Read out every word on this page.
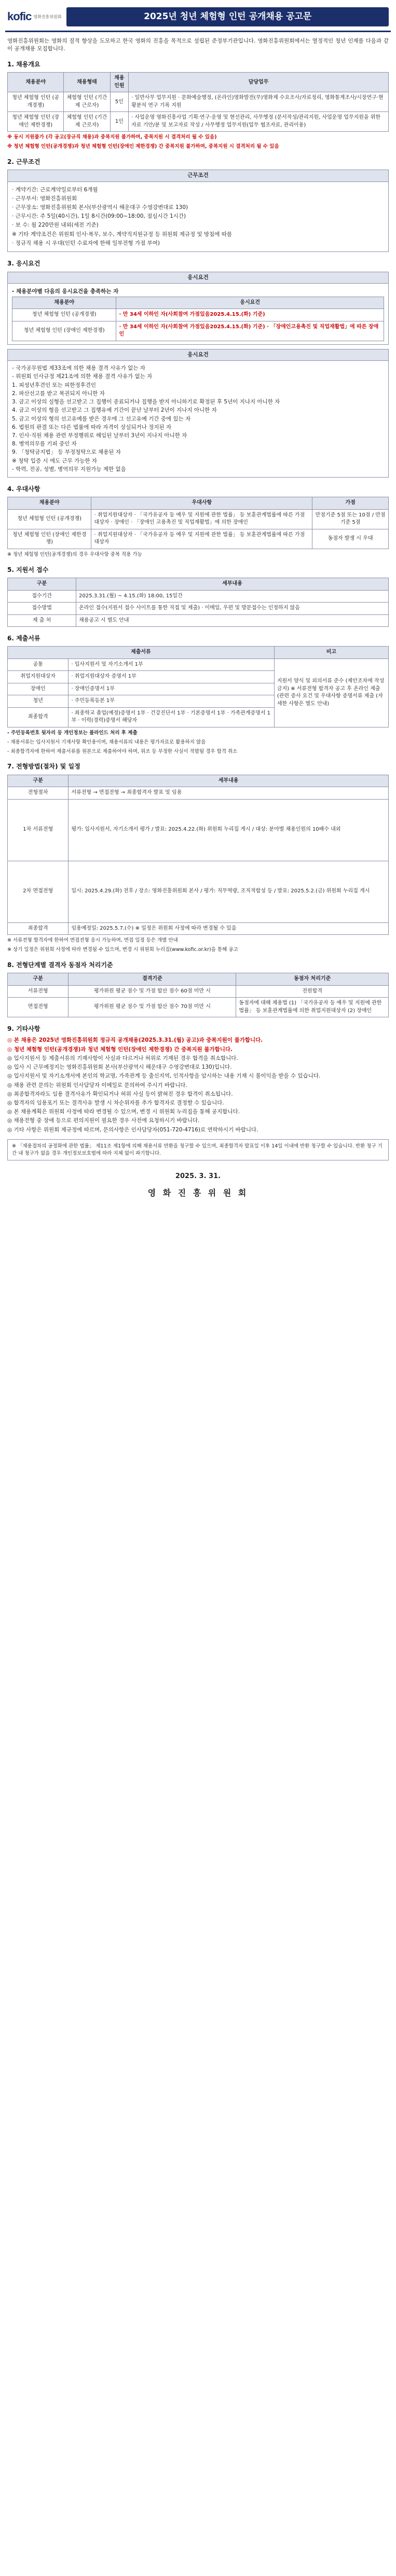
kofic 영화진흥위원회	2025년 청년 체험형 인턴 공개채용 공고문

영화진흥위원회는 영화의 질적 향상을 도모하고 한국 영화의 진흥을 목적으로 설립된 준정부기관입니다. 영화진흥위원회에서는 열정적인 청년 인재를 다음과 같이 공개채용 모집합니다.

1. 채용개요
채용분야	채용형태	채용인원	담당업무
청년 체험형 인턴 (공개경쟁)	체험형 인턴 (기간제 근로자)	5인	· 일반사무 업무지원 · 문화예술행정, (온라인)영화발전(무)영화제 수요조사/자료정리, 영화통계조사/시장연구·현황분석 연구 기록 지원
청년 체험형 인턴 (장애인 제한경쟁)	체험형 인턴 (기간제 근로자)	1인	· 사업운영 영화진흥사업 기획·연구·운영 및 현선관리, 사무행정 (문서작성/관리지원, 사업운영 업무지원을 위한 자료 기안/분 및 보고자료 작성 / 사무행정 업무지원(업무 협조자료, 관리이용)

※ 동시 지원불가 (각 공고(장규직 채용)과 중복지원 불가하며, 중복지원 시 결격처리 될 수 있음)

※ 청년 체험형 인턴(공개경쟁)과 청년 체험형 인턴(장애인 제한경쟁) 간 중복지원 불가하며, 중복지원 시 결격처리 될 수 있음

2. 근무조건
근무조건

· 계약기간: 근로계약일로부터 6개월

· 근무부서: 영화진흥위원회

· 근무장소: 영화진흥위원회 본사(부산광역시 해운대구 수영강변대로 130)

· 근무시간: 주 5일(40시간), 1일 8시간(09:00~18:00, 점심시간 1시간)

· 보 수: 월 220만원 내외(세전 기준)

※ 기타 계약조건은 위원회 인사·복무, 보수, 계약직지원규정 등 위원회 제규정 및 방침에 따름

· 정규직 채용 시 우대(인턴 수료자에 한해 일부전형 가점 부여)

3. 응시요건
응시요건

- 채용분야별 다음의 응시요건을 충족하는 자

채용분야	응시요건
청년 체험형 인턴 (공개경쟁)	· 만 34세 이하인 자(사회참여 가점있음2025.4.15.(화) 기준)
청년 체험형 인턴 (장애인 제한경쟁)	· 만 34세 이하인 자(사회참여 가점있음2025.4.15.(화) 기준) · 「장애인고용촉진 및 직업재활법」에 따른 장애인
응시요건

- 국가공무원법 제33조에 의한 채용 결격 사유가 없는 자

- 위원회 인사규정 제21조에 의한 채용 결격 사유가 없는 자

1. 피성년후견인 또는 피한정후견인

2. 파산선고를 받고 복권되지 아니한 자

3. 금고 이상의 실형을 선고받고 그 집행이 종료되거나 집행을 받지 아니하기로 확정된 후 5년이 지나지 아니한 자

4. 금고 이상의 형을 선고받고 그 집행유예 기간이 끝난 날부터 2년이 지나지 아니한 자

5. 금고 이상의 형의 선고유예를 받은 경우에 그 선고유예 기간 중에 있는 자

6. 법원의 판결 또는 다른 법률에 따라 자격이 상실되거나 정지된 자

7. 인사·직원 채용 관련 부정행위로 해임된 날부터 3년이 지나지 아니한 자

8. 병역의무를 기피 중인 자

9. 「청탁금지법」 등 부정청탁으로 채용된 자

※ 청탁 입증 시 에도 근무 가능한 자

- 학력, 전공, 성별, 병역의무 지원가능 제한 없음

4. 우대사항
채용분야	우대사항	가점
청년 체험형 인턴 (공개경쟁)	· 취업지원대상자 · 「국가유공자 등 예우 및 지원에 관한 법률」 등 보훈관계법률에 따른 가점 대상자 · 장애인 · 「장애인 고용촉진 및 직업재활법」에 의한 장애인	만점기준 5점 또는 10점 / 만점기준 5점
청년 체험형 인턴 (장애인 제한경쟁)	· 취업지원대상자 · 「국가유공자 등 예우 및 지원에 관한 법률」 등 보훈관계법률에 따른 가점 대상자	동점자 발생 시 우대

※ 청년 체험형 인턴(공개경쟁)의 경우 우대사항 중복 적용 가능

5. 지원서 접수
구분	세부내용
접수기간	2025.3.31.(월) ~ 4.15.(화) 18:00, 15일간
접수방법	온라인 접수(지원서 접수 사이트를 통한 직접 및 제출) · 이메일, 우편 및 방문접수는 인정하지 않음
제 출 처	채용공고 시 별도 안내
6. 제출서류
제출서류		비고
공통	· 입사지원서 및 자기소개서 1부	지원서 양식 및 외의서류 준수 (제안조차에 작성 금지) ※ 서류전형 합격자 공고 후 온라인 제출 (관련 증사 요건 및 우대사항 증명서류 제출 (자세한 사항은 별도 안내)
취업지원대상자	· 취업지원대상자 증명서 1부	
장애인	· 장애인증명서 1부	
청년	· 주민등록등본 1부	
최종합격	· 최종학교 졸업(예정)증명서 1부 · 건강진단서 1부 · 기본증명서 1부 · 가족관계증명서 1부 · 이력(경력)증명서 해당자	

- 주민등록번호 뒷자리 등 개인정보는 블라인드 처리 후 제출

- 채용서류는 입사지원서 기재사항 확인용이며, 채용서류의 내용은 평가자료로 활용하지 않음

- 최종합격자에 한하여 제출서류를 원본으로 제출하여야 하며, 위조 등 부정한 사실이 적발될 경우 합격 취소

7. 전형방법(절차) 및 일정
구분	세부내용
전형절차	서류전형 → 면접전형 → 최종합격자 발표 및 임용
1차 서류전형	평가: 입사지원서, 자기소개서 평가 / 발표: 2025.4.22.(화) 위원회 누리집 게시 / 대상: 분야별 채용인원의 10배수 내외
2차 면접전형	일시: 2025.4.29.(화) 전후 / 장소: 영화진흥위원회 본사 / 평가: 직무역량, 조직적합성 등 / 발표: 2025.5.2.(금) 위원회 누리집 게시
최종합격	임용예정일: 2025.5.7.(수) ※ 일정은 위원회 사정에 따라 변경될 수 있음

※ 서류전형 합격자에 한하여 면접전형 응시 가능하며, 면접 일정 등은 개별 안내

※ 상기 일정은 위원회 사정에 따라 변경될 수 있으며, 변경 시 위원회 누리집(www.kofic.or.kr)을 통해 공고

8. 전형단계별 결격자 동점자 처리기준
구분	결격기준	동점자 처리기준
서류전형	평가위원 평균 점수 및 가점 합산 점수 60점 미만 시	전원합격
면접전형	평가위원 평균 점수 및 가점 합산 점수 70점 미만 시	동점자에 대해 채용법 (1) 「국가유공자 등 예우 및 지원에 관한 법률」 등 보훈관계법률에 의한 취업지원대상자 (2) 장애인
9. 기타사항
◎ 본 채용은 2025년 영화진흥위원회 정규직 공개채용(2025.3.31.(월) 공고)과 중복지원이 불가합니다.
◎ 청년 체험형 인턴(공개경쟁)과 청년 체험형 인턴(장애인 제한경쟁) 간 중복지원 불가합니다.
◎ 입사지원서 등 제출서류의 기재사항이 사실과 다르거나 허위로 기재된 경우 합격을 취소합니다.
◎ 입사 시 근무예정지는 영화진흥위원회 본사(부산광역시 해운대구 수영강변대로 130)입니다.
◎ 입사지원서 및 자기소개서에 본인의 학교명, 가족관계 등 출신지역, 인적사항을 암시하는 내용 기재 시 불이익을 받을 수 있습니다.
◎ 채용 관련 문의는 위원회 인사담당자 이메일로 문의하여 주시기 바랍니다.
◎ 최종합격자라도 임용 결격사유가 확인되거나 허위 사실 등이 밝혀진 경우 합격이 취소됩니다.
◎ 합격자의 임용포기 또는 결격사유 발생 시 차순위자를 추가 합격자로 결정할 수 있습니다.
◎ 본 채용계획은 위원회 사정에 따라 변경될 수 있으며, 변경 시 위원회 누리집을 통해 공지합니다.
◎ 채용전형 중 장애 등으로 편의지원이 필요한 경우 사전에 요청하시기 바랍니다.
◎ 기타 사항은 위원회 제규정에 따르며, 문의사항은 인사담당자(051-720-4716)로 연락하시기 바랍니다.
※ 「채용절차의 공정화에 관한 법률」 제11조 제1항에 의해 채용서류 반환을 청구할 수 있으며, 최종합격자 발표일 이후 14일 이내에 반환 청구할 수 있습니다. 반환 청구 기간 내 청구가 없을 경우 개인정보보호법에 따라 지체 없이 파기합니다.
2025. 3. 31.
영 화 진 흥 위 원 회
